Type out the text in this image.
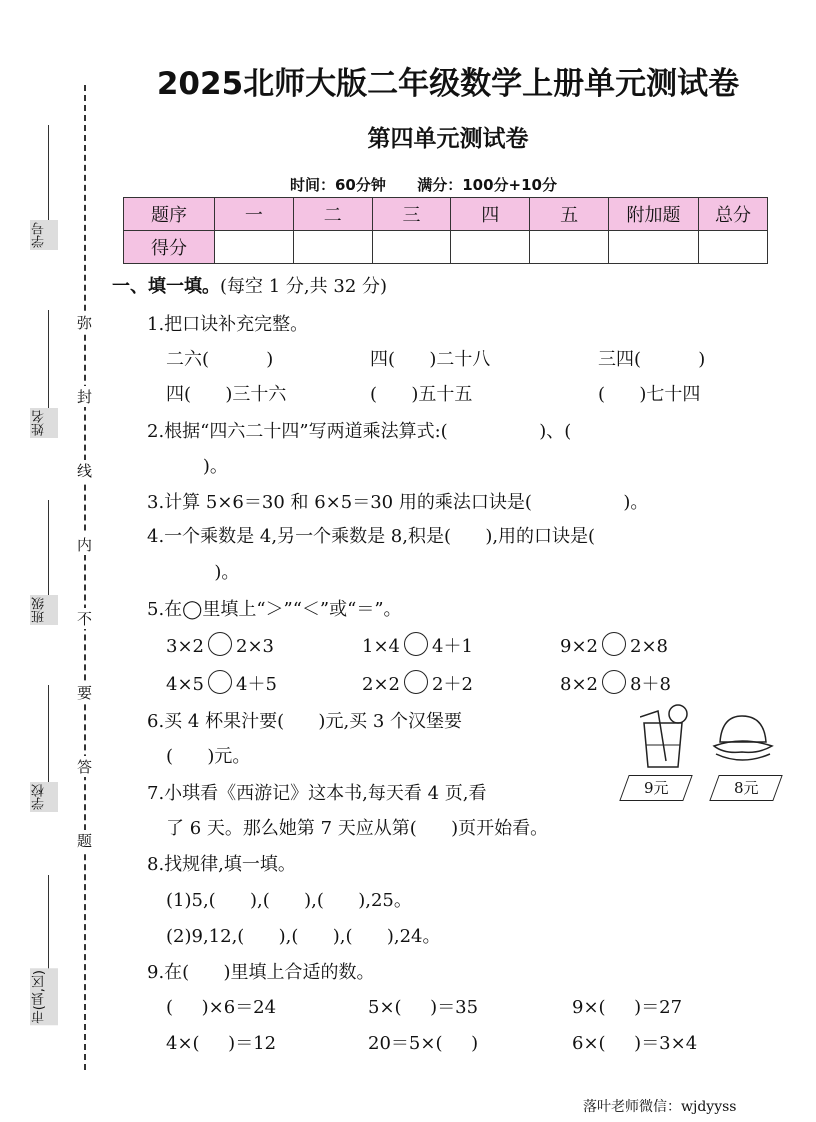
学号
姓名
班级
学校
市(县,区)
弥
封
线
内
不
要
答
题
2025北师大版二年级数学上册单元测试卷
第四单元测试卷
时间：60分钟 满分：100分+10分
题序	一	二	三	四	五	附加题	总分
得分							
一、填一填。(每空 1 分,共 32 分)
1.把口诀补充完整。
二六(          )	四(      )二十八	三四(          )
四(      )三十六	(      )五十五	(      )七十四
2.根据“四六二十四”写两道乘法算式:(                )、(
)。
3.计算 5×6＝30 和 6×5＝30 用的乘法口诀是(                )。
4.一个乘数是 4,另一个乘数是 8,积是(      ),用的口诀是(
)。
5.在◯里填上“＞”“＜”或“＝”。
3×2 2×3	1×4 4＋1	9×2 2×8
4×5 4＋5	2×2 2＋2	8×2 8＋8
6.买 4 杯果汁要(      )元,买 3 个汉堡要
(      )元。
7.小琪看《西游记》这本书,每天看 4 页,看
了 6 天。那么她第 7 天应从第(      )页开始看。
9元	8元
8.找规律,填一填。
(1)5,(      ),(      ),(      ),25。
(2)9,12,(      ),(      ),(      ),24。
9.在(      )里填上合适的数。
(     )×6＝24	5×(     )＝35	9×(     )＝27
4×(     )＝12	20＝5×(     )	6×(     )＝3×4
落叶老师微信：wjdyyss
